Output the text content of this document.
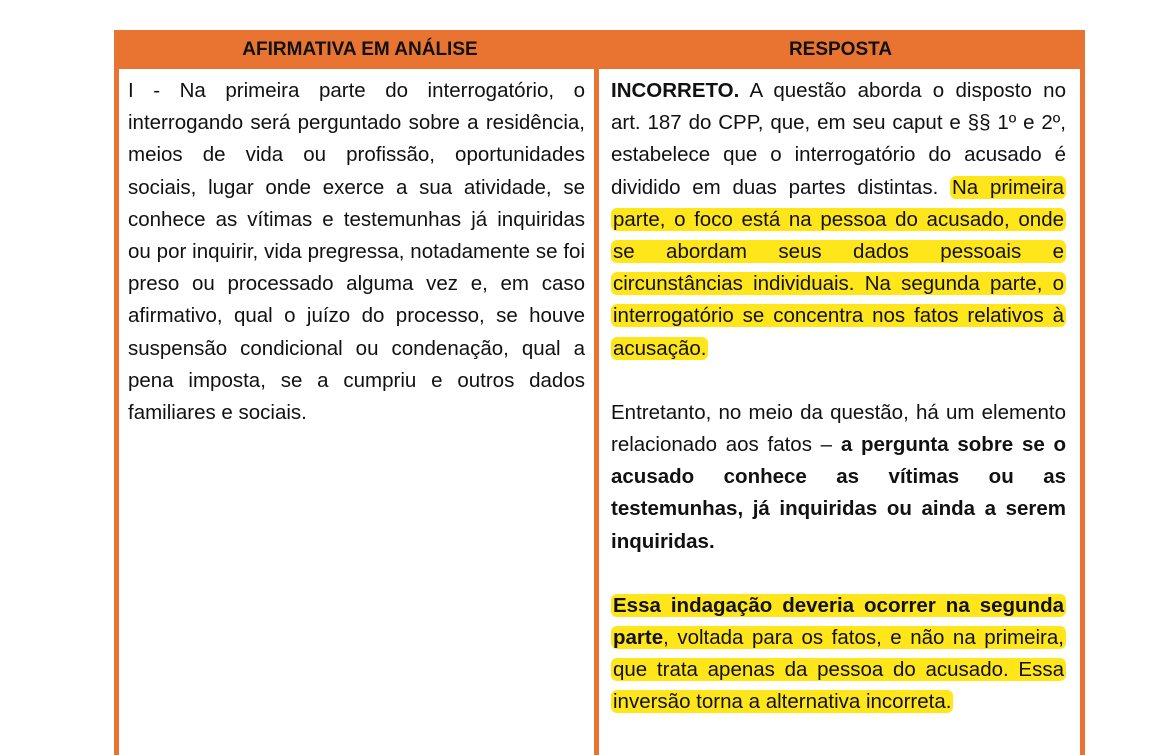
AFIRMATIVA EM ANÁLISE	RESPOSTA
I - Na primeira parte do interrogatório, o interrogando será perguntado sobre a residência, meios de vida ou profissão, oportunidades sociais, lugar onde exerce a sua atividade, se conhece as vítimas e testemunhas já inquiridas ou por inquirir, vida pregressa, notadamente se foi preso ou processado alguma vez e, em caso afirmativo, qual o juízo do processo, se houve suspensão condicional ou condenação, qual a pena imposta, se a cumpriu e outros dados familiares e sociais.

INCORRETO. A questão aborda o disposto no art. 187 do CPP, que, em seu caput e §§ 1º e 2º, estabelece que o interrogatório do acusado é dividido em duas partes distintas. Na primeira parte, o foco está na pessoa do acusado, onde se abordam seus dados pessoais e circunstâncias individuais. Na segunda parte, o interrogatório se concentra nos fatos relativos à acusação.

Entretanto, no meio da questão, há um elemento relacionado aos fatos – a pergunta sobre se o acusado conhece as vítimas ou as testemunhas, já inquiridas ou ainda a serem inquiridas.

Essa indagação deveria ocorrer na segunda parte, voltada para os fatos, e não na primeira, que trata apenas da pessoa do acusado. Essa inversão torna a alternativa incorreta.
